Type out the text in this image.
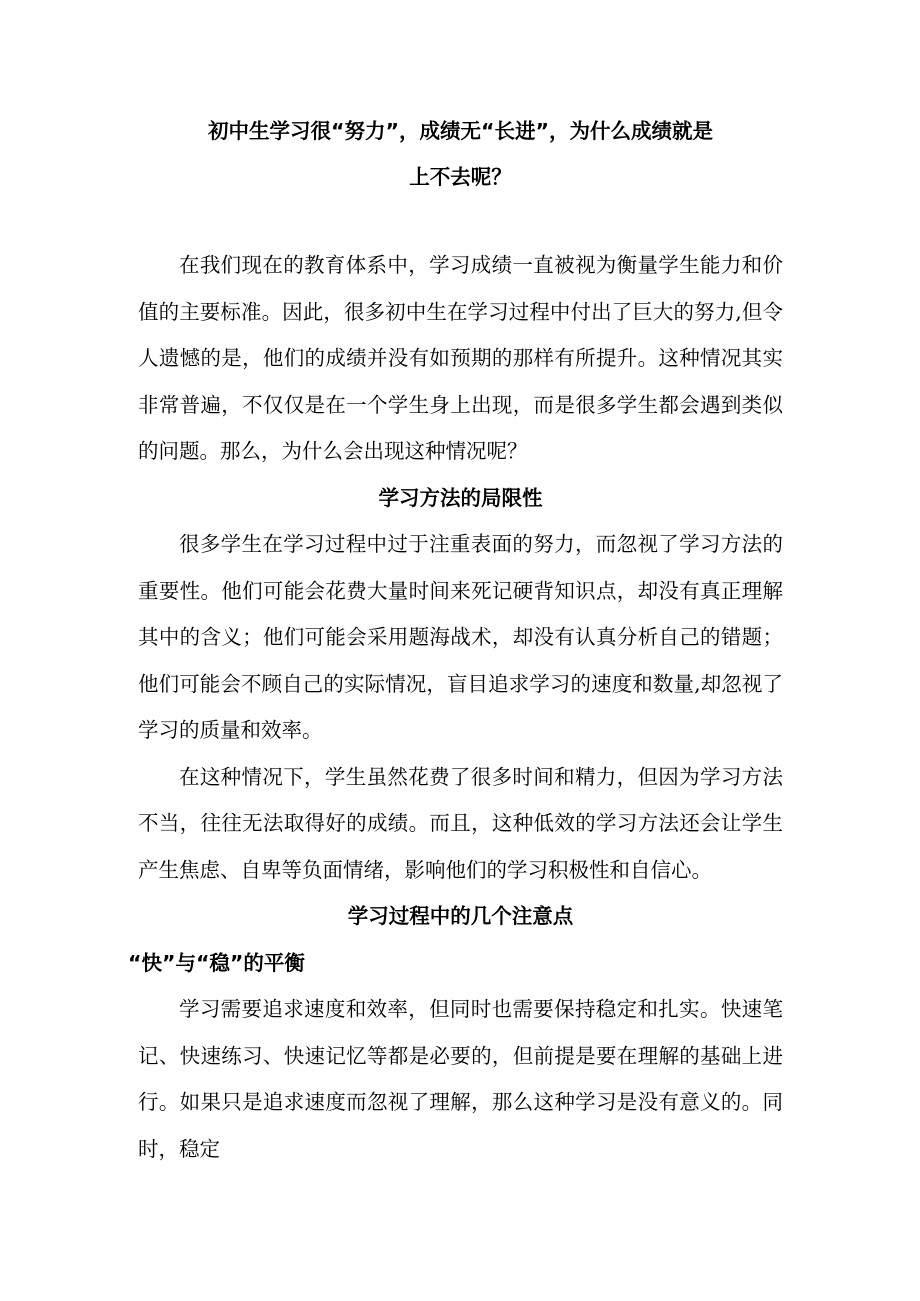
初中生学习很“努力”，成绩无“长进”，为什么成绩就是
上不去呢？

在我们现在的教育体系中，学习成绩一直被视为衡量学生能力和价值的主要标准。因此，很多初中生在学习过程中付出了巨大的努力,但令人遗憾的是，他们的成绩并没有如预期的那样有所提升。这种情况其实非常普遍，不仅仅是在一个学生身上出现，而是很多学生都会遇到类似的问题。那么，为什么会出现这种情况呢？

学习方法的局限性

很多学生在学习过程中过于注重表面的努力，而忽视了学习方法的重要性。他们可能会花费大量时间来死记硬背知识点，却没有真正理解其中的含义；他们可能会采用题海战术，却没有认真分析自己的错题；他们可能会不顾自己的实际情况，盲目追求学习的速度和数量,却忽视了学习的质量和效率。

在这种情况下，学生虽然花费了很多时间和精力，但因为学习方法不当，往往无法取得好的成绩。而且，这种低效的学习方法还会让学生产生焦虑、自卑等负面情绪，影响他们的学习积极性和自信心。

学习过程中的几个注意点
“快”与“稳”的平衡

学习需要追求速度和效率，但同时也需要保持稳定和扎实。快速笔记、快速练习、快速记忆等都是必要的，但前提是要在理解的基础上进行。如果只是追求速度而忽视了理解，那么这种学习是没有意义的。同时，稳定
